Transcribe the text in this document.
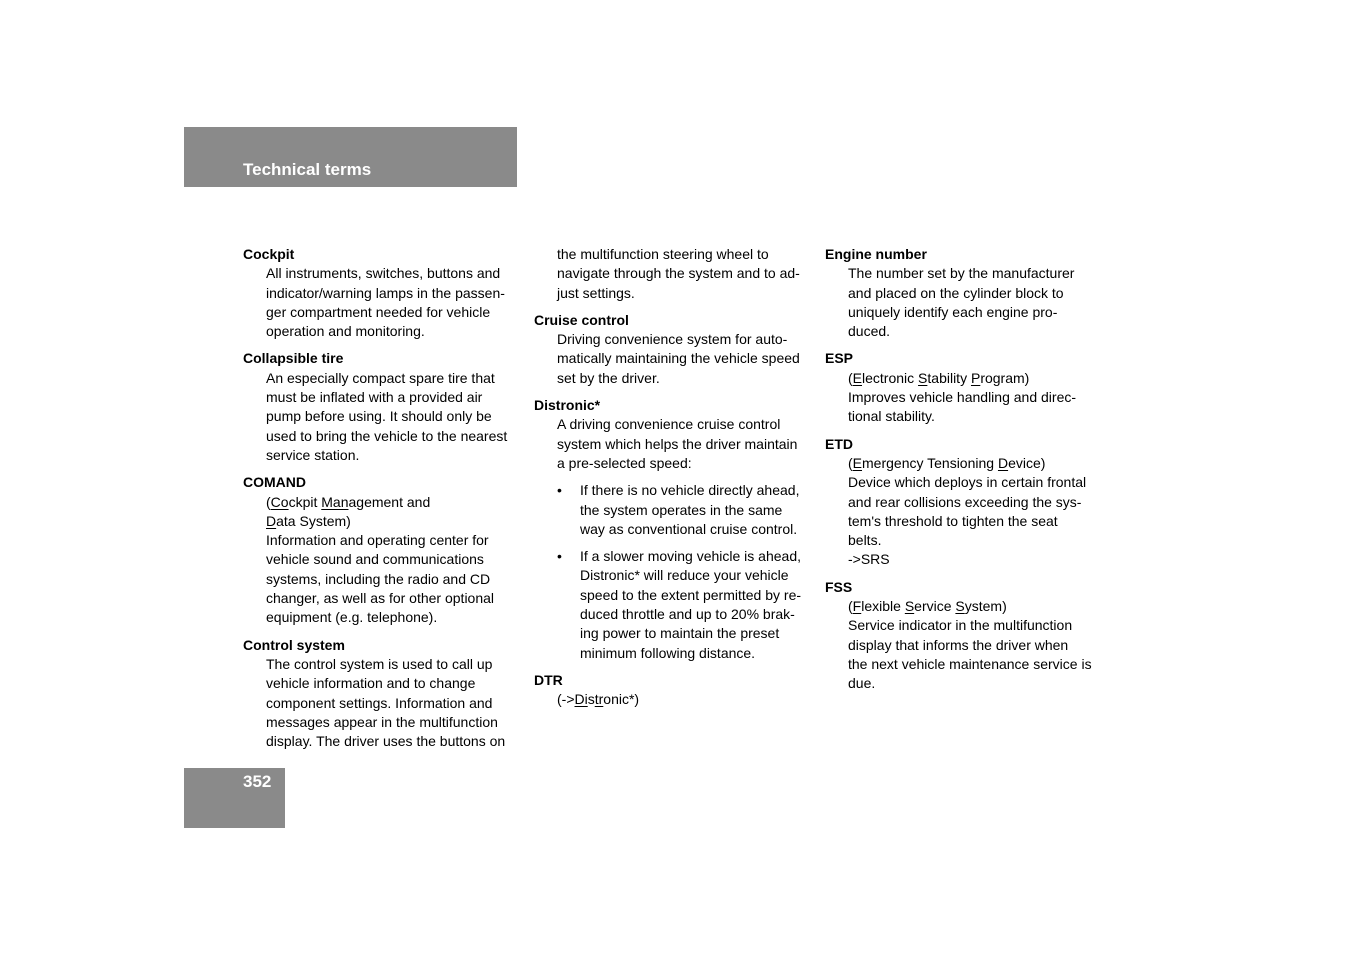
Technical terms
Cockpit
All instruments, switches, buttons and
indicator/warning lamps in the passen-
ger compartment needed for vehicle
operation and monitoring.
Collapsible tire
An especially compact spare tire that
must be inflated with a provided air
pump before using. It should only be
used to bring the vehicle to the nearest
service station.
COMAND
(Cockpit Management and
Data System)
Information and operating center for
vehicle sound and communications
systems, including the radio and CD
changer, as well as for other optional
equipment (e.g. telephone).
Control system
The control system is used to call up
vehicle information and to change
component settings. Information and
messages appear in the multifunction
display. The driver uses the buttons on
the multifunction steering wheel to
navigate through the system and to ad-
just settings.
Cruise control
Driving convenience system for auto-
matically maintaining the vehicle speed
set by the driver.
Distronic*
A driving convenience cruise control
system which helps the driver maintain
a pre-selected speed:
• If there is no vehicle directly ahead,
the system operates in the same
way as conventional cruise control.
• If a slower moving vehicle is ahead,
Distronic* will reduce your vehicle
speed to the extent permitted by re-
duced throttle and up to 20% brak-
ing power to maintain the preset
minimum following distance.
DTR
(->Distronic*)
Engine number
The number set by the manufacturer
and placed on the cylinder block to
uniquely identify each engine pro-
duced.
ESP
(Electronic Stability Program)
Improves vehicle handling and direc-
tional stability.
ETD
(Emergency Tensioning Device)
Device which deploys in certain frontal
and rear collisions exceeding the sys-
tem's threshold to tighten the seat
belts.
->SRS
FSS
(Flexible Service System)
Service indicator in the multifunction
display that informs the driver when
the next vehicle maintenance service is
due.
352
